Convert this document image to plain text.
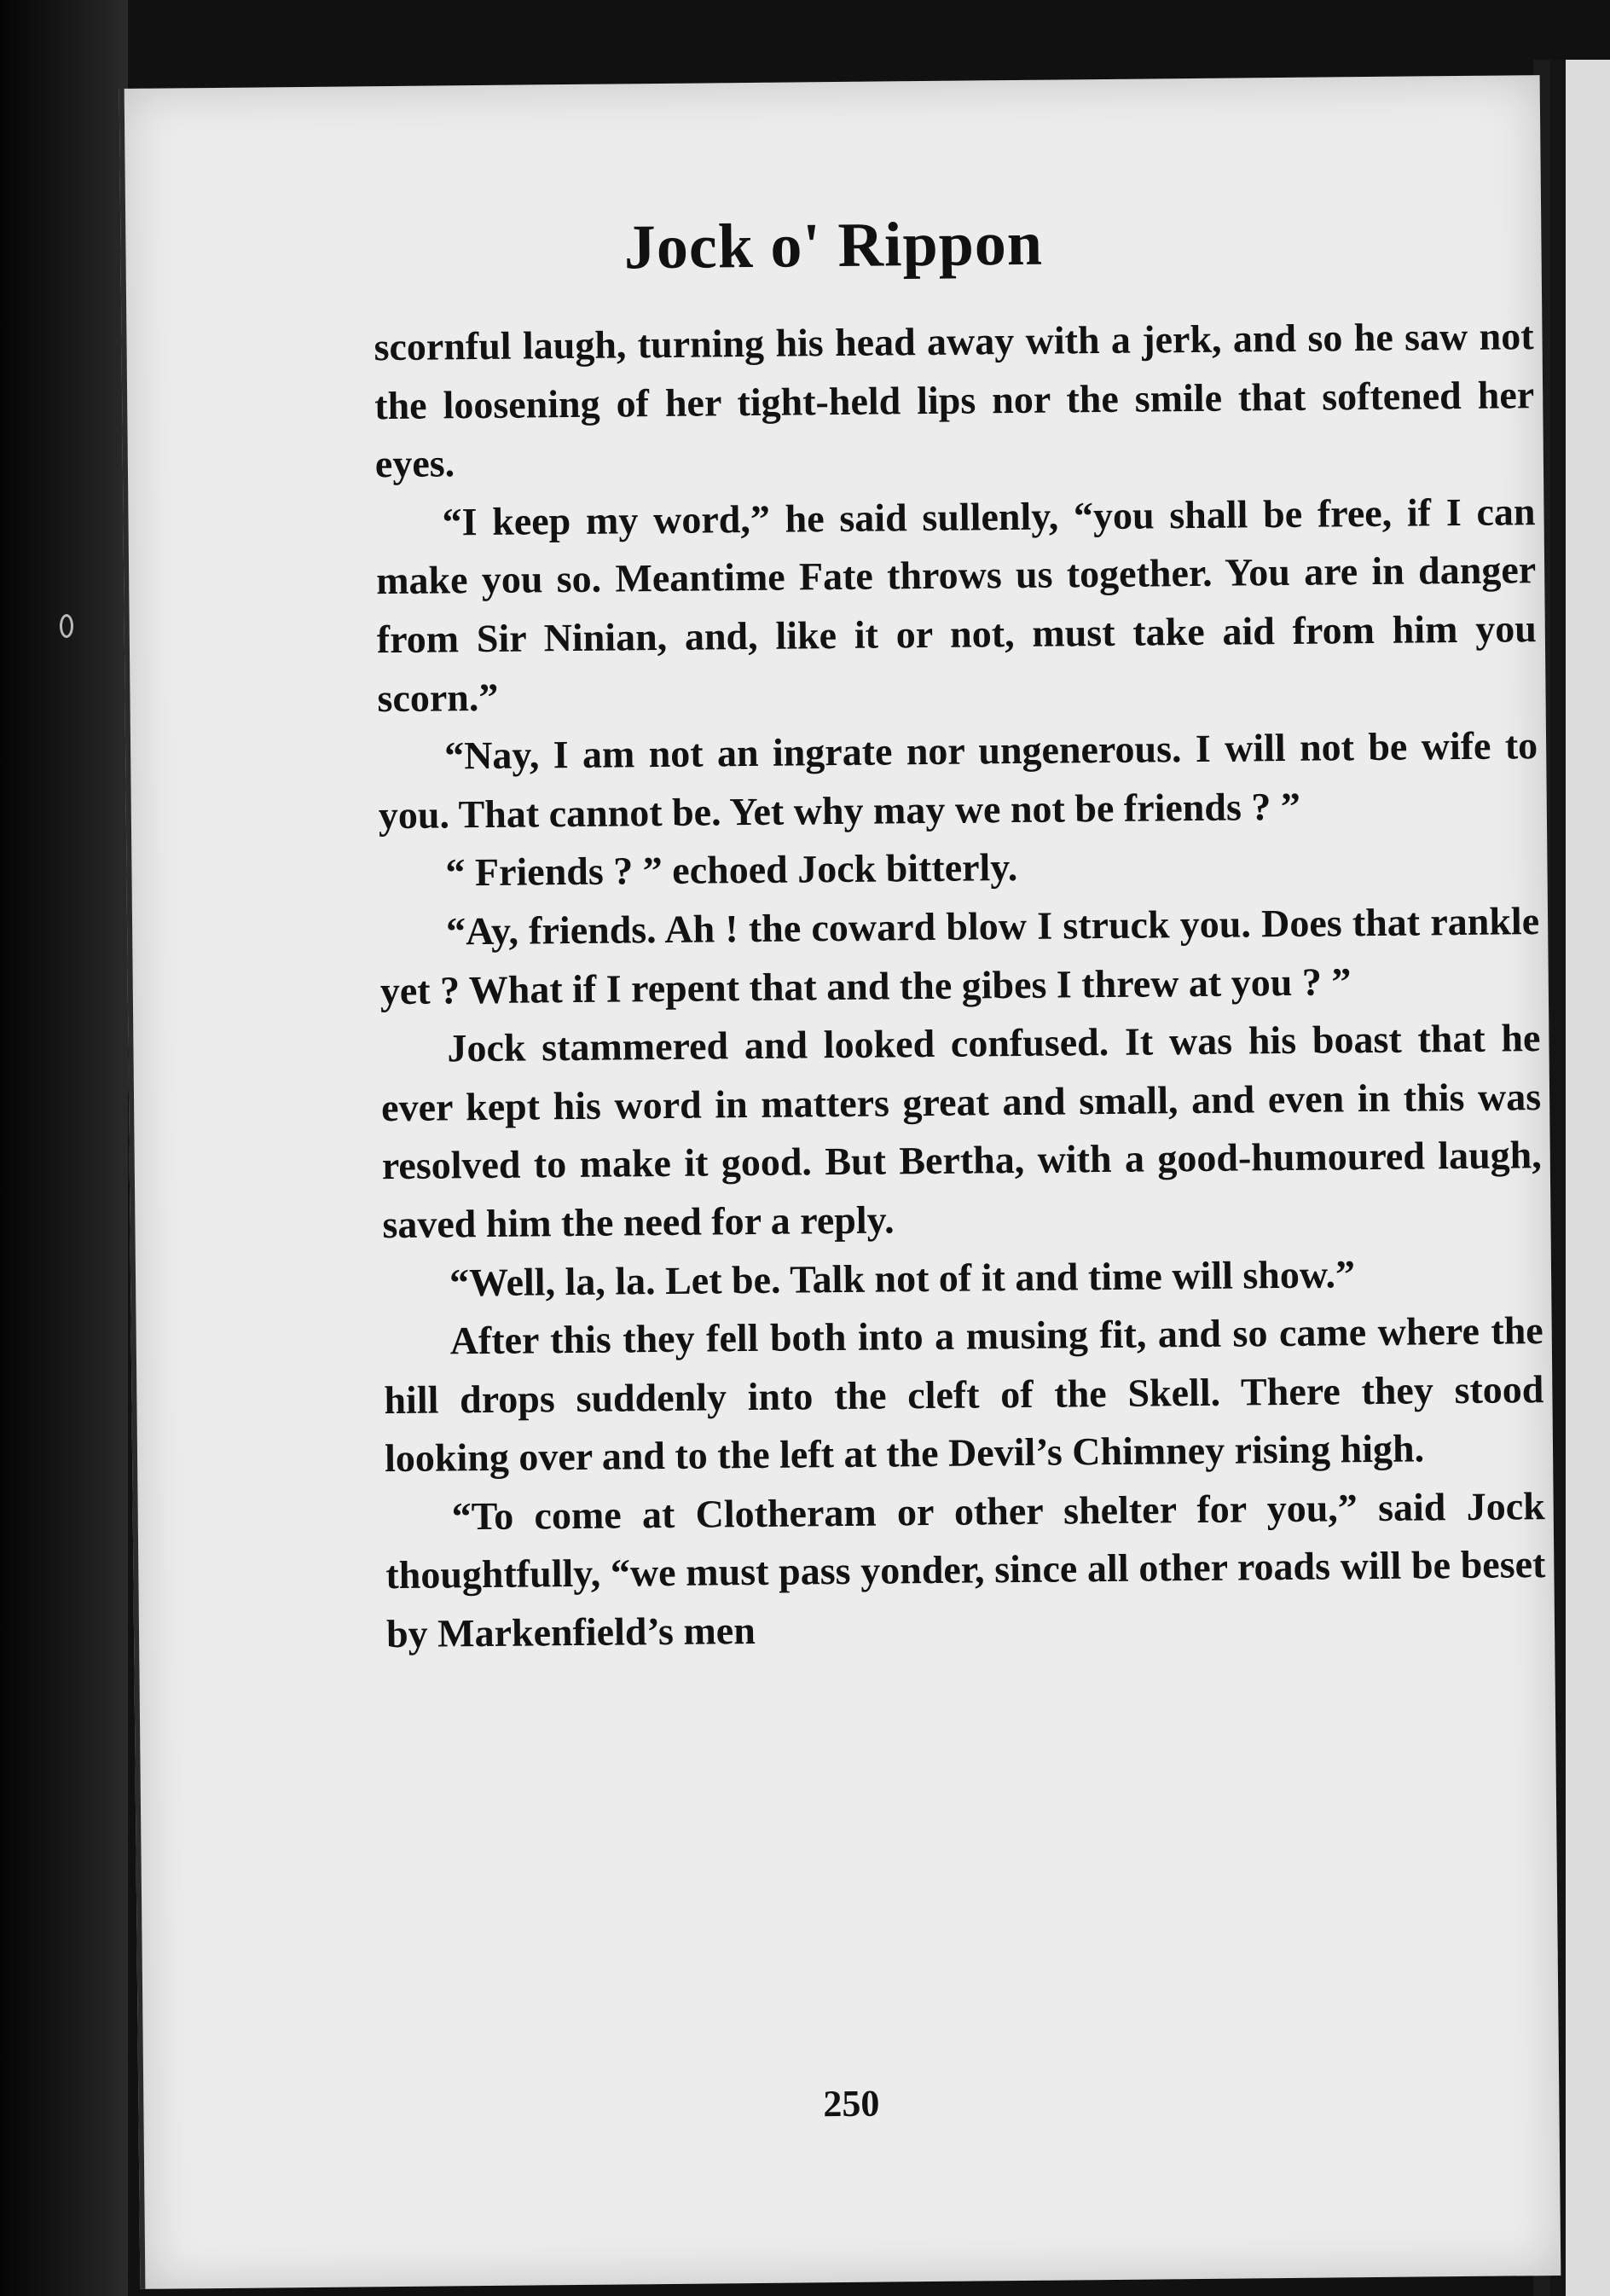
Jock o' Rippon

scornful laugh, turning his head away with a jerk, and so he saw not the loosening of her tight-held lips nor the smile that softened her eyes.

“I keep my word,” he said sullenly, “you shall be free, if I can make you so. Meantime Fate throws us together. You are in danger from Sir Ninian, and, like it or not, must take aid from him you scorn.”

“Nay, I am not an ingrate nor ungenerous. I will not be wife to you. That cannot be. Yet why may we not be friends ? ”

“ Friends ? ” echoed Jock bitterly.

“Ay, friends. Ah ! the coward blow I struck you. Does that rankle yet ? What if I repent that and the gibes I threw at you ? ”

Jock stammered and looked confused. It was his boast that he ever kept his word in matters great and small, and even in this was resolved to make it good. But Bertha, with a good-humoured laugh, saved him the need for a reply.

“Well, la, la. Let be. Talk not of it and time will show.”

After this they fell both into a musing fit, and so came where the hill drops suddenly into the cleft of the Skell. There they stood looking over and to the left at the Devil’s Chimney rising high.

“To come at Clotheram or other shelter for you,” said Jock thoughtfully, “we must pass yonder, since all other roads will be beset by Markenfield’s men

250
